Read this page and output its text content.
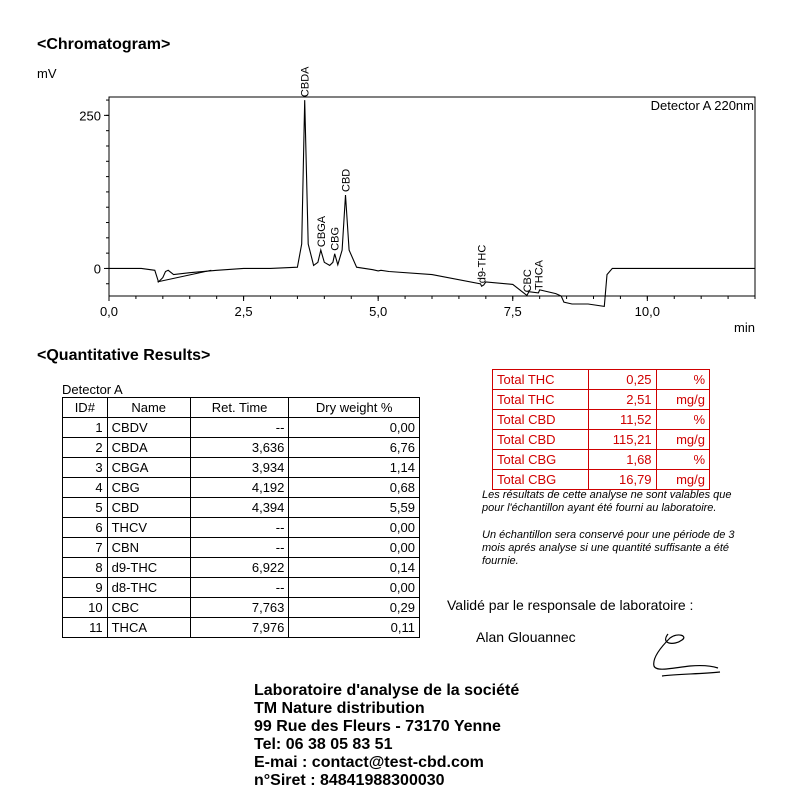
<Chromatogram>
mV
0
250
0,0	2,5	5,0	7,5	10,0
Detector A 220nm
min
CBDA
CBGA CBG
CBD
d9-THC	CBC THCA
<Quantitative Results>
Detector A
ID#	Name	Ret. Time	Dry weight %
1	CBDV	--	0,00
2	CBDA	3,636	6,76
3	CBGA	3,934	1,14
4	CBG	4,192	0,68
5	CBD	4,394	5,59
6	THCV	--	0,00
7	CBN	--	0,00
8	d9-THC	6,922	0,14
9	d8-THC	--	0,00
10	CBC	7,763	0,29
11	THCA	7,976	0,11
Total THC	0,25	%
Total THC	2,51	mg/g
Total CBD	11,52	%
Total CBD	115,21	mg/g
Total CBG	1,68	%
Total CBG	16,79	mg/g
Les résultats de cette analyse ne sont valables que pour l'échantillon ayant été fourni au laboratoire.
Un échantillon sera conservé pour une période de 3 mois aprés analyse si une quantité suffisante a été fournie.
Validé par le responsale de laboratoire :
Alan Glouannec
Laboratoire d'analyse de la société
TM Nature distribution
99 Rue des Fleurs - 73170 Yenne
Tel: 06 38 05 83 51
E-mai : contact@test-cbd.com
n°Siret : 84841988300030
